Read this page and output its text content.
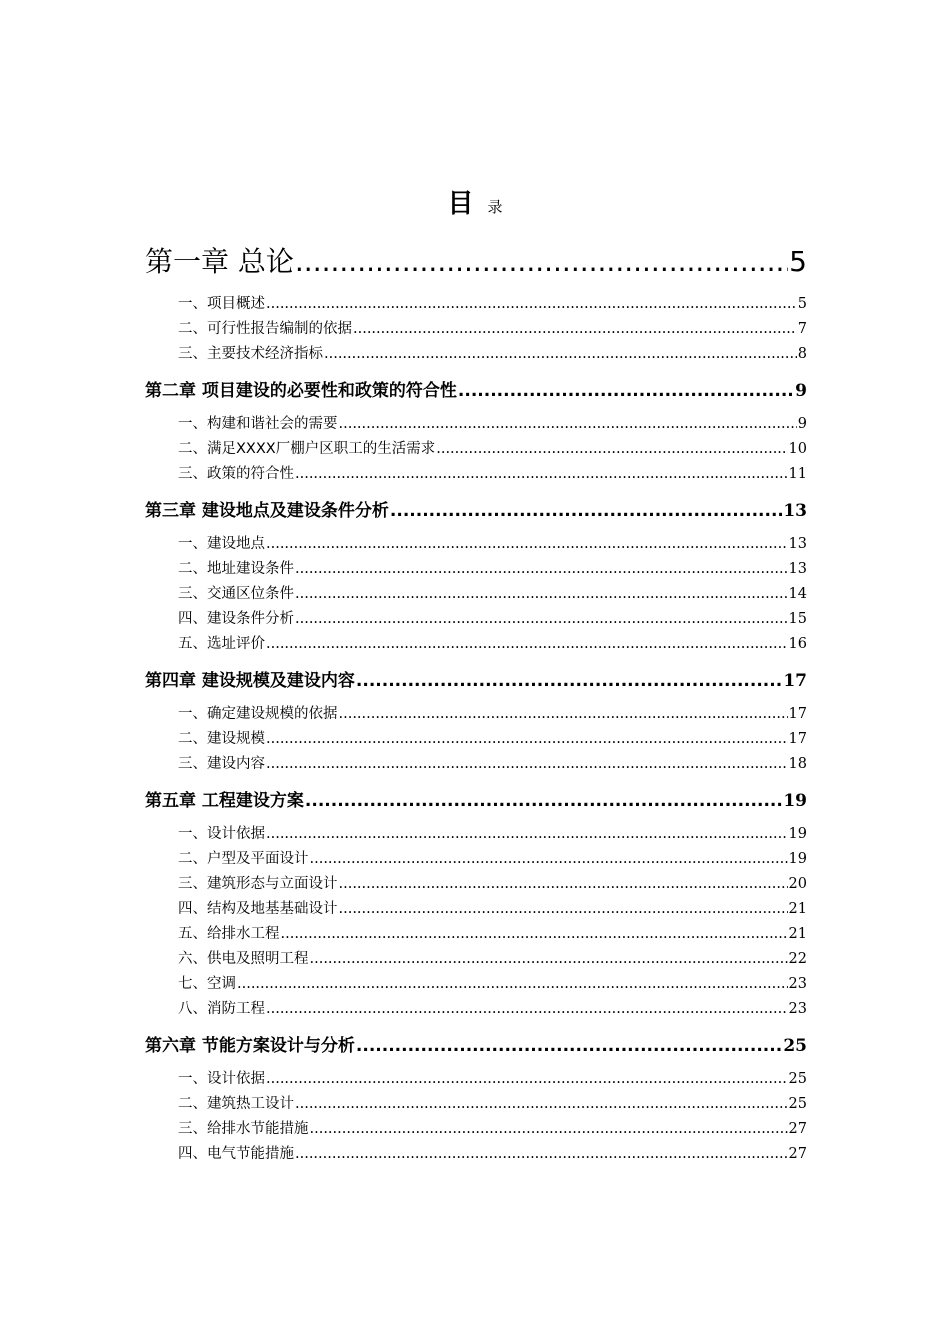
目录
第一章 总论 .....	5
一、项目概述 .....	5
二、可行性报告编制的依据 .....	7
三、主要技术经济指标 .....	8
第二章 项目建设的必要性和政策的符合性 .....	9
一、构建和谐社会的需要 .....	9
二、满足XXXX厂棚户区职工的生活需求 .....	10
三、政策的符合性 .....	11
第三章 建设地点及建设条件分析 .....	13
一、建设地点 .....	13
二、地址建设条件 .....	13
三、交通区位条件 .....	14
四、建设条件分析 .....	15
五、选址评价 .....	16
第四章 建设规模及建设内容 .....	17
一、确定建设规模的依据 .....	17
二、建设规模 .....	17
三、建设内容 .....	18
第五章 工程建设方案 .....	19
一、设计依据 .....	19
二、户型及平面设计 .....	19
三、建筑形态与立面设计 .....	20
四、结构及地基基础设计 .....	21
五、给排水工程 .....	21
六、供电及照明工程 .....	22
七、空调 .....	23
八、消防工程 .....	23
第六章 节能方案设计与分析 .....	25
一、设计依据 .....	25
二、建筑热工设计 .....	25
三、给排水节能措施 .....	27
四、电气节能措施 .....	27
